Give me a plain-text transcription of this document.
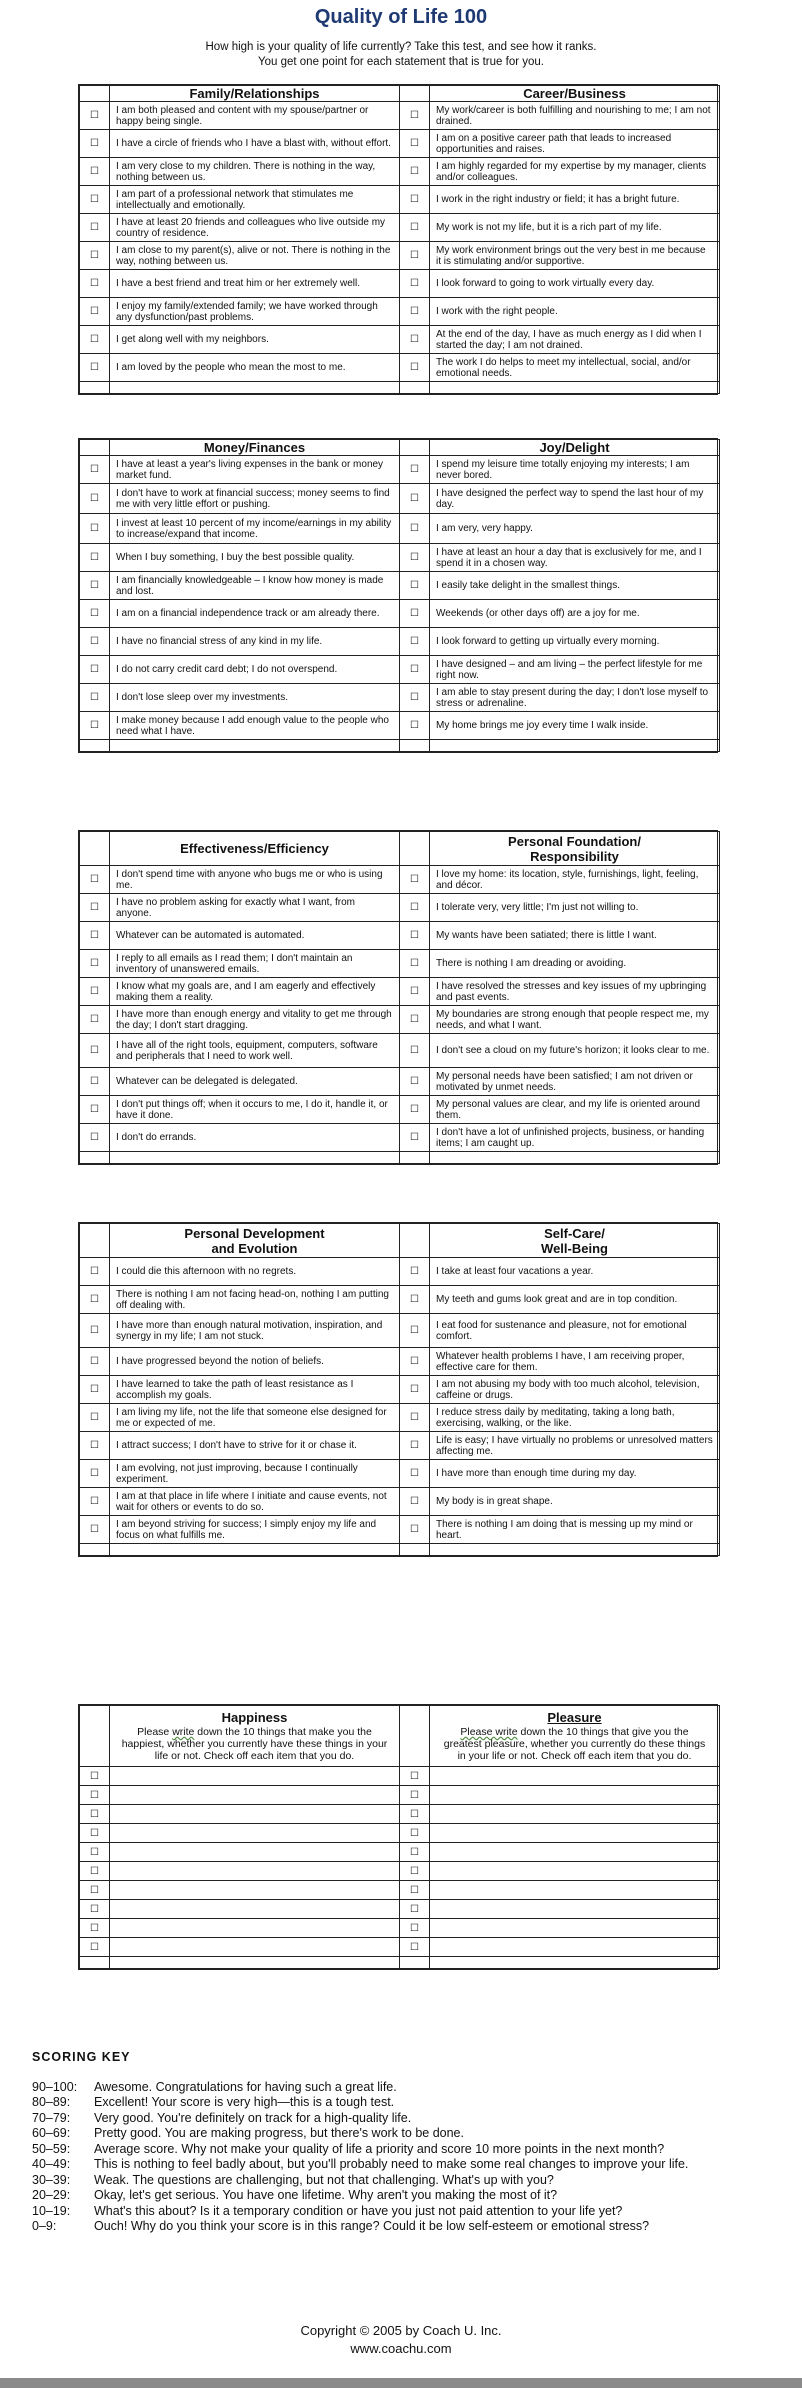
Quality of Life 100
How high is your quality of life currently? Take this test, and see how it ranks.
You get one point for each statement that is true for you.
	Family/Relationships		Career/Business
☐	I am both pleased and content with my spouse/partner or happy being single.	☐	My work/career is both fulfilling and nourishing to me; I am not drained.
☐	I have a circle of friends who I have a blast with, without effort.	☐	I am on a positive career path that leads to increased opportunities and raises.
☐	I am very close to my children. There is nothing in the way, nothing between us.	☐	I am highly regarded for my expertise by my manager, clients and/or colleagues.
☐	I am part of a professional network that stimulates me intellectually and emotionally.	☐	I work in the right industry or field; it has a bright future.
☐	I have at least 20 friends and colleagues who live outside my country of residence.	☐	My work is not my life, but it is a rich part of my life.
☐	I am close to my parent(s), alive or not. There is nothing in the way, nothing between us.	☐	My work environment brings out the very best in me because it is stimulating and/or supportive.
☐	I have a best friend and treat him or her extremely well.	☐	I look forward to going to work virtually every day.
☐	I enjoy my family/extended family; we have worked through any dysfunction/past problems.	☐	I work with the right people.
☐	I get along well with my neighbors.	☐	At the end of the day, I have as much energy as I did when I started the day; I am not drained.
☐	I am loved by the people who mean the most to me.	☐	The work I do helps to meet my intellectual, social, and/or emotional needs.

	Money/Finances		Joy/Delight
☐	I have at least a year's living expenses in the bank or money market fund.	☐	I spend my leisure time totally enjoying my interests; I am never bored.
☐	I don't have to work at financial success; money seems to find me with very little effort or pushing.	☐	I have designed the perfect way to spend the last hour of my day.
☐	I invest at least 10 percent of my income/earnings in my ability to increase/expand that income.	☐	I am very, very happy.
☐	When I buy something, I buy the best possible quality.	☐	I have at least an hour a day that is exclusively for me, and I spend it in a chosen way.
☐	I am financially knowledgeable – I know how money is made and lost.	☐	I easily take delight in the smallest things.
☐	I am on a financial independence track or am already there.	☐	Weekends (or other days off) are a joy for me.
☐	I have no financial stress of any kind in my life.	☐	I look forward to getting up virtually every morning.
☐	I do not carry credit card debt; I do not overspend.	☐	I have designed – and am living – the perfect lifestyle for me right now.
☐	I don't lose sleep over my investments.	☐	I am able to stay present during the day; I don't lose myself to stress or adrenaline.
☐	I make money because I add enough value to the people who need what I have.	☐	My home brings me joy every time I walk inside.

	Effectiveness/Efficiency		Personal Foundation/
Responsibility
☐	I don't spend time with anyone who bugs me or who is using me.	☐	I love my home: its location, style, furnishings, light, feeling, and décor.
☐	I have no problem asking for exactly what I want, from anyone.	☐	I tolerate very, very little; I'm just not willing to.
☐	Whatever can be automated is automated.	☐	My wants have been satiated; there is little I want.
☐	I reply to all emails as I read them; I don't maintain an inventory of unanswered emails.	☐	There is nothing I am dreading or avoiding.
☐	I know what my goals are, and I am eagerly and effectively making them a reality.	☐	I have resolved the stresses and key issues of my upbringing and past events.
☐	I have more than enough energy and vitality to get me through the day; I don't start dragging.	☐	My boundaries are strong enough that people respect me, my needs, and what I want.
☐	I have all of the right tools, equipment, computers, software and peripherals that I need to work well.	☐	I don't see a cloud on my future's horizon; it looks clear to me.
☐	Whatever can be delegated is delegated.	☐	My personal needs have been satisfied; I am not driven or motivated by unmet needs.
☐	I don't put things off; when it occurs to me, I do it, handle it, or have it done.	☐	My personal values are clear, and my life is oriented around them.
☐	I don't do errands.	☐	I don't have a lot of unfinished projects, business, or handing items; I am caught up.

	Personal Development
and Evolution		Self-Care/
Well-Being
☐	I could die this afternoon with no regrets.	☐	I take at least four vacations a year.
☐	There is nothing I am not facing head-on, nothing I am putting off dealing with.	☐	My teeth and gums look great and are in top condition.
☐	I have more than enough natural motivation, inspiration, and synergy in my life; I am not stuck.	☐	I eat food for sustenance and pleasure, not for emotional comfort.
☐	I have progressed beyond the notion of beliefs.	☐	Whatever health problems I have, I am receiving proper, effective care for them.
☐	I have learned to take the path of least resistance as I accomplish my goals.	☐	I am not abusing my body with too much alcohol, television, caffeine or drugs.
☐	I am living my life, not the life that someone else designed for me or expected of me.	☐	I reduce stress daily by meditating, taking a long bath, exercising, walking, or the like.
☐	I attract success; I don't have to strive for it or chase it.	☐	Life is easy; I have virtually no problems or unresolved matters affecting me.
☐	I am evolving, not just improving, because I continually experiment.	☐	I have more than enough time during my day.
☐	I am at that place in life where I initiate and cause events, not wait for others or events to do so.	☐	My body is in great shape.
☐	I am beyond striving for success; I simply enjoy my life and focus on what fulfills me.	☐	There is nothing I am doing that is messing up my mind or heart.

	Happiness
Please write down the 10 things that make you the happiest, whether you currently have these things in your life or not. Check off each item that you do.		Pleasure
Please write down the 10 things that give you the greatest pleasure, whether you currently do these things in your life or not. Check off each item that you do.
☐		☐	
☐		☐	
☐		☐	
☐		☐	
☐		☐	
☐		☐	
☐		☐	
☐		☐	
☐		☐	
☐		☐	

SCORING KEY
90–100:	Awesome. Congratulations for having such a great life.
80–89:	Excellent! Your score is very high—this is a tough test.
70–79:	Very good. You're definitely on track for a high-quality life.
60–69:	Pretty good. You are making progress, but there's work to be done.
50–59:	Average score. Why not make your quality of life a priority and score 10 more points in the next month?
40–49:	This is nothing to feel badly about, but you'll probably need to make some real changes to improve your life.
30–39:	Weak. The questions are challenging, but not that challenging. What's up with you?
20–29:	Okay, let's get serious. You have one lifetime. Why aren't you making the most of it?
10–19:	What's this about? Is it a temporary condition or have you just not paid attention to your life yet?
0–9:	Ouch! Why do you think your score is in this range? Could it be low self-esteem or emotional stress?
Copyright © 2005 by Coach U. Inc.
www.coachu.com
